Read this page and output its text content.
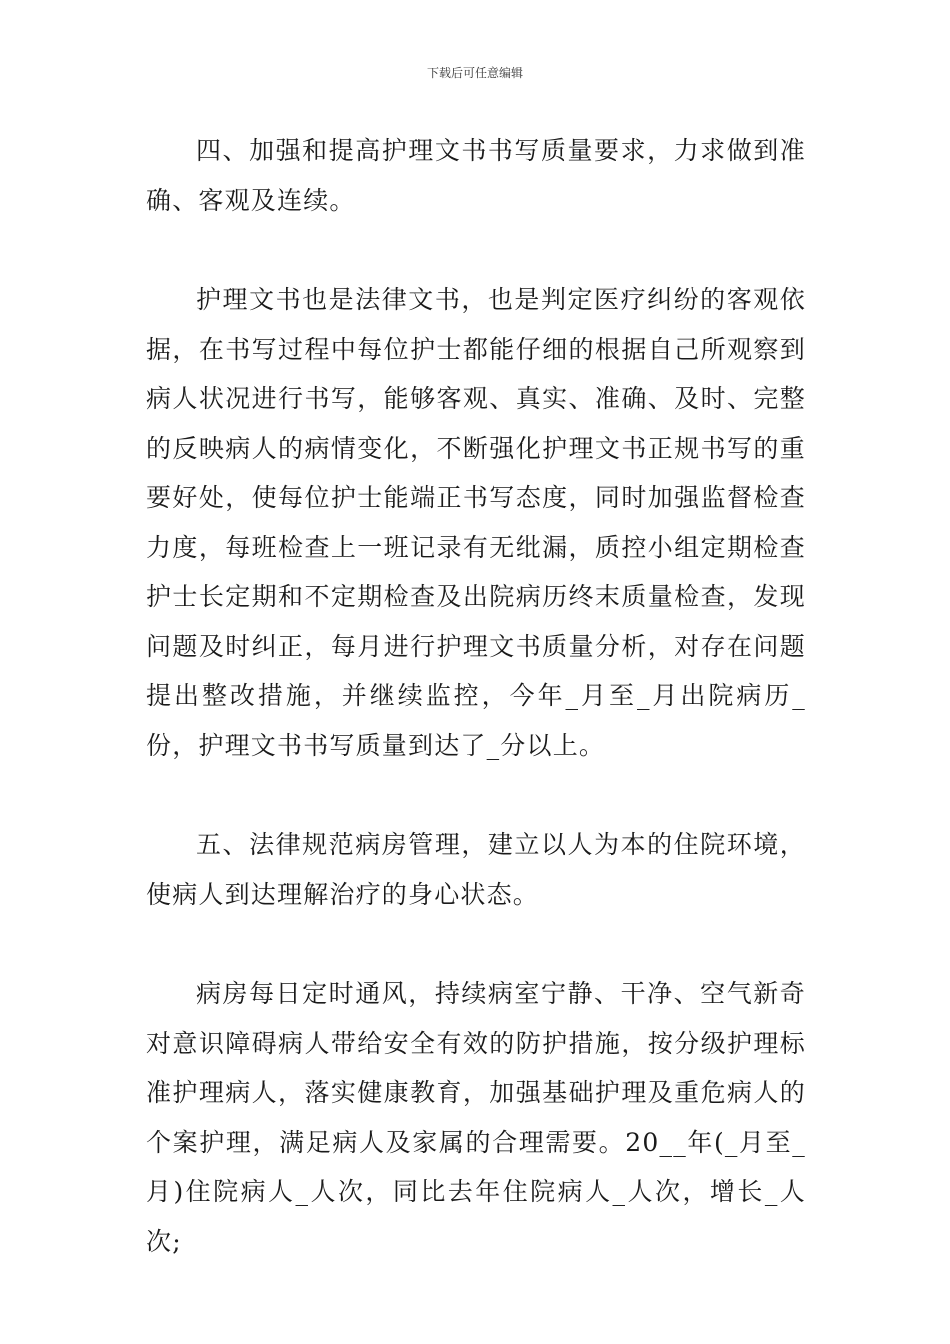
下载后可任意编辑

四、加强和提高护理文书书写质量要求，力求做到准确、客观及连续。

护理文书也是法律文书，也是判定医疗纠纷的客观依据，在书写过程中每位护士都能仔细的根据自己所观察到病人状况进行书写，能够客观、真实、准确、及时、完整的反映病人的病情变化，不断强化护理文书正规书写的重要好处，使每位护士能端正书写态度，同时加强监督检查力度，每班检查上一班记录有无纰漏，质控小组定期检查护士长定期和不定期检查及出院病历终末质量检查，发现问题及时纠正，每月进行护理文书质量分析，对存在问题提出整改措施，并继续监控，今年_月至_月出院病历_份，护理文书书写质量到达了_分以上。

五、法律规范病房管理，建立以人为本的住院环境，使病人到达理解治疗的身心状态。

病房每日定时通风，持续病室宁静、干净、空气新奇对意识障碍病人带给安全有效的防护措施，按分级护理标准护理病人，落实健康教育，加强基础护理及重危病人的个案护理，满足病人及家属的合理需要。20__年(_月至_月)住院病人_人次，同比去年住院病人_人次，增长_人次;
